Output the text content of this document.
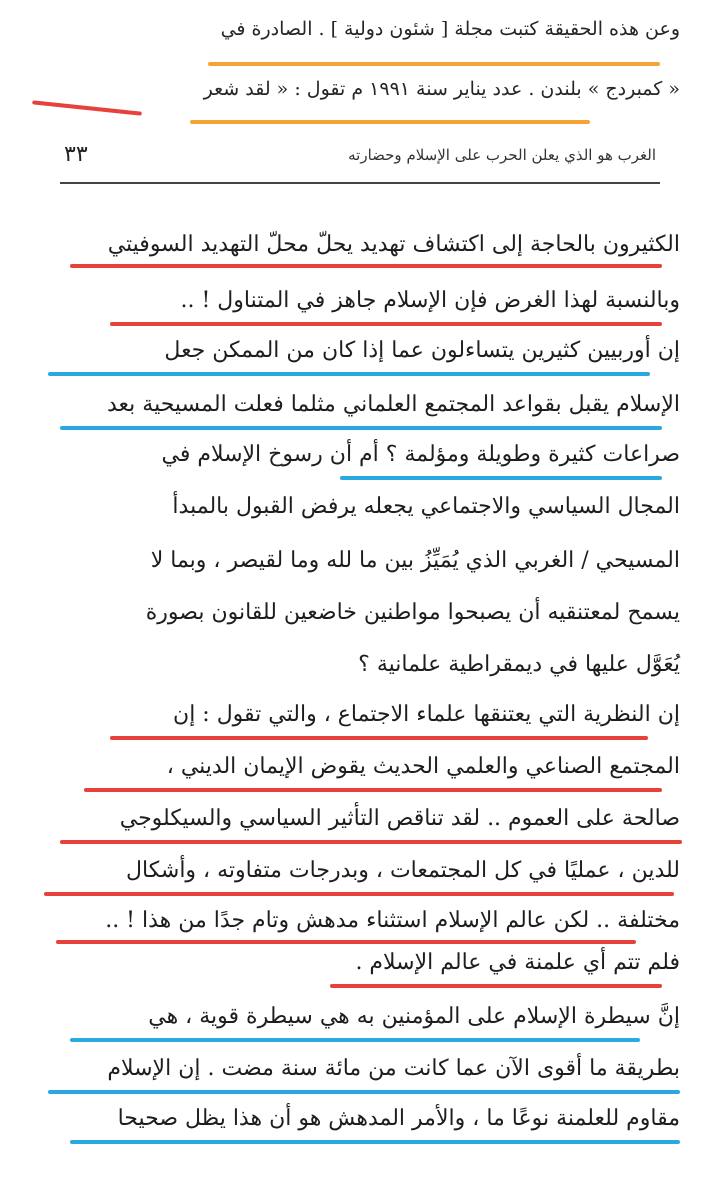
وعن هذه الحقيقة كتبت مجلة [ شئون دولية ] . الصادرة في
« كمبردج » بلندن . عدد يناير سنة ١٩٩١ م تقول : « لقد شعر
٣٣	الغرب هو الذي يعلن الحرب على الإسلام وحضارته
الكثيرون بالحاجة إلى اكتشاف تهديد يحلّ محلّ التهديد السوفيتي
وبالنسبة لهذا الغرض فإن الإسلام جاهز في المتناول ! ..
إن أوربيين كثيرين يتساءلون عما إذا كان من الممكن جعل
الإسلام يقبل بقواعد المجتمع العلماني مثلما فعلت المسيحية بعد
صراعات كثيرة وطويلة ومؤلمة ؟ أم أن رسوخ الإسلام في
المجال السياسي والاجتماعي يجعله يرفض القبول بالمبدأ
المسيحي / الغربي الذي يُمَيِّزُ بين ما لله وما لقيصر ، وبما لا
يسمح لمعتنقيه أن يصبحوا مواطنين خاضعين للقانون بصورة
يُعَوَّل عليها في ديمقراطية علمانية ؟
إن النظرية التي يعتنقها علماء الاجتماع ، والتي تقول : إن
المجتمع الصناعي والعلمي الحديث يقوض الإيمان الديني ،
صالحة على العموم .. لقد تناقص التأثير السياسي والسيكلوجي
للدين ، عمليًا في كل المجتمعات ، وبدرجات متفاوته ، وأشكال
مختلفة .. لكن عالم الإسلام استثناء مدهش وتام جدًا من هذا ! ..
فلم تتم أي علمنة في عالم الإسلام .
إنَّ سيطرة الإسلام على المؤمنين به هي سيطرة قوية ، هي
بطريقة ما أقوى الآن عما كانت من مائة سنة مضت . إن الإسلام
مقاوم للعلمنة نوعًا ما ، والأمر المدهش هو أن هذا يظل صحيحا
